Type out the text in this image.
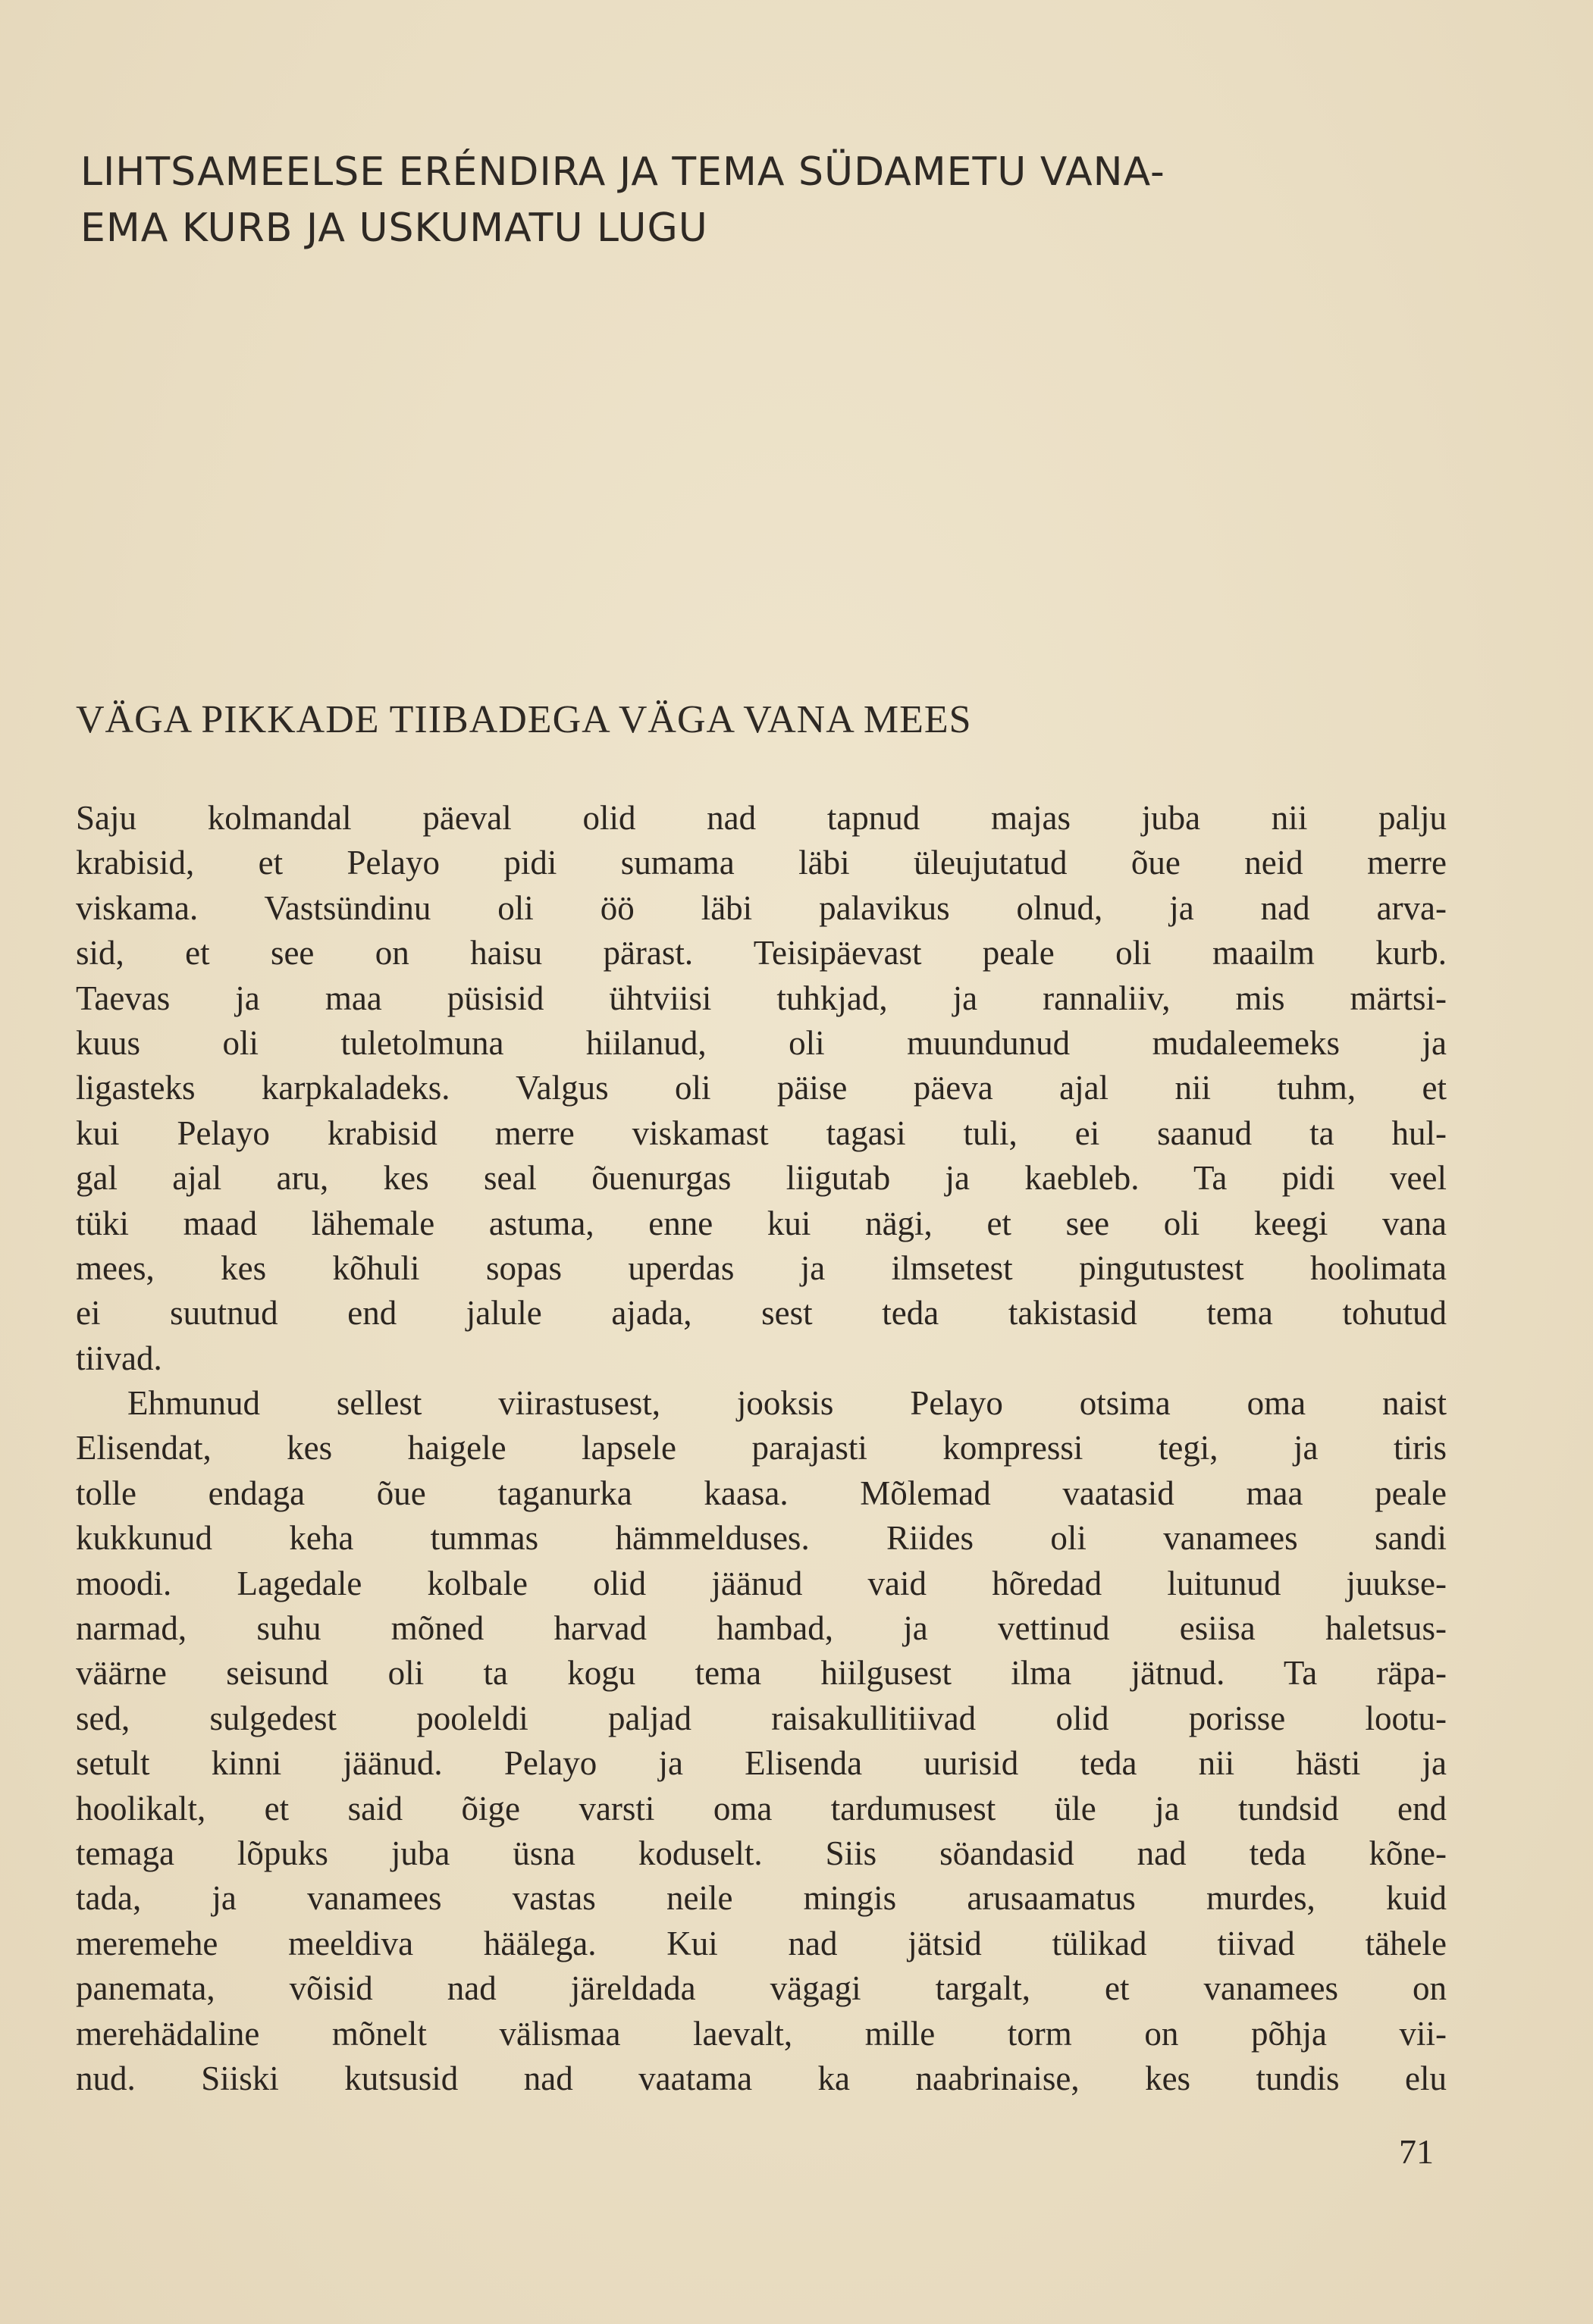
LIHTSAMEELSE ERÉNDIRA JA TEMA SÜDAMETU VANA-
EMA KURB JA USKUMATU LUGU
VÄGA PIKKADE TIIBADEGA VÄGA VANA MEES
Saju kolmandal päeval olid nad tapnud majas juba nii palju
krabisid, et Pelayo pidi sumama läbi üleujutatud õue neid merre
viskama. Vastsündinu oli öö läbi palavikus olnud, ja nad arva-
sid, et see on haisu pärast. Teisipäevast peale oli maailm kurb.
Taevas ja maa püsisid ühtviisi tuhkjad, ja rannaliiv, mis märtsi-
kuus oli tuletolmuna hiilanud, oli muundunud mudaleemeks ja
ligasteks karpkaladeks. Valgus oli päise päeva ajal nii tuhm, et
kui Pelayo krabisid merre viskamast tagasi tuli, ei saanud ta hul-
gal ajal aru, kes seal õuenurgas liigutab ja kaebleb. Ta pidi veel
tüki maad lähemale astuma, enne kui nägi, et see oli keegi vana
mees, kes kõhuli sopas uperdas ja ilmsetest pingutustest hoolimata
ei suutnud end jalule ajada, sest teda takistasid tema tohutud
tiivad.
Ehmunud sellest viirastusest, jooksis Pelayo otsima oma naist
Elisendat, kes haigele lapsele parajasti kompressi tegi, ja tiris
tolle endaga õue taganurka kaasa. Mõlemad vaatasid maa peale
kukkunud keha tummas hämmelduses. Riides oli vanamees sandi
moodi. Lagedale kolbale olid jäänud vaid hõredad luitunud juukse-
narmad, suhu mõned harvad hambad, ja vettinud esiisa haletsus-
väärne seisund oli ta kogu tema hiilgusest ilma jätnud. Ta räpa-
sed, sulgedest pooleldi paljad raisakullitiivad olid porisse lootu-
setult kinni jäänud. Pelayo ja Elisenda uurisid teda nii hästi ja
hoolikalt, et said õige varsti oma tardumusest üle ja tundsid end
temaga lõpuks juba üsna koduselt. Siis söandasid nad teda kõne-
tada, ja vanamees vastas neile mingis arusaamatus murdes, kuid
meremehe meeldiva häälega. Kui nad jätsid tülikad tiivad tähele
panemata, võisid nad järeldada vägagi targalt, et vanamees on
merehädaline mõnelt välismaa laevalt, mille torm on põhja vii-
nud. Siiski kutsusid nad vaatama ka naabrinaise, kes tundis elu
71
